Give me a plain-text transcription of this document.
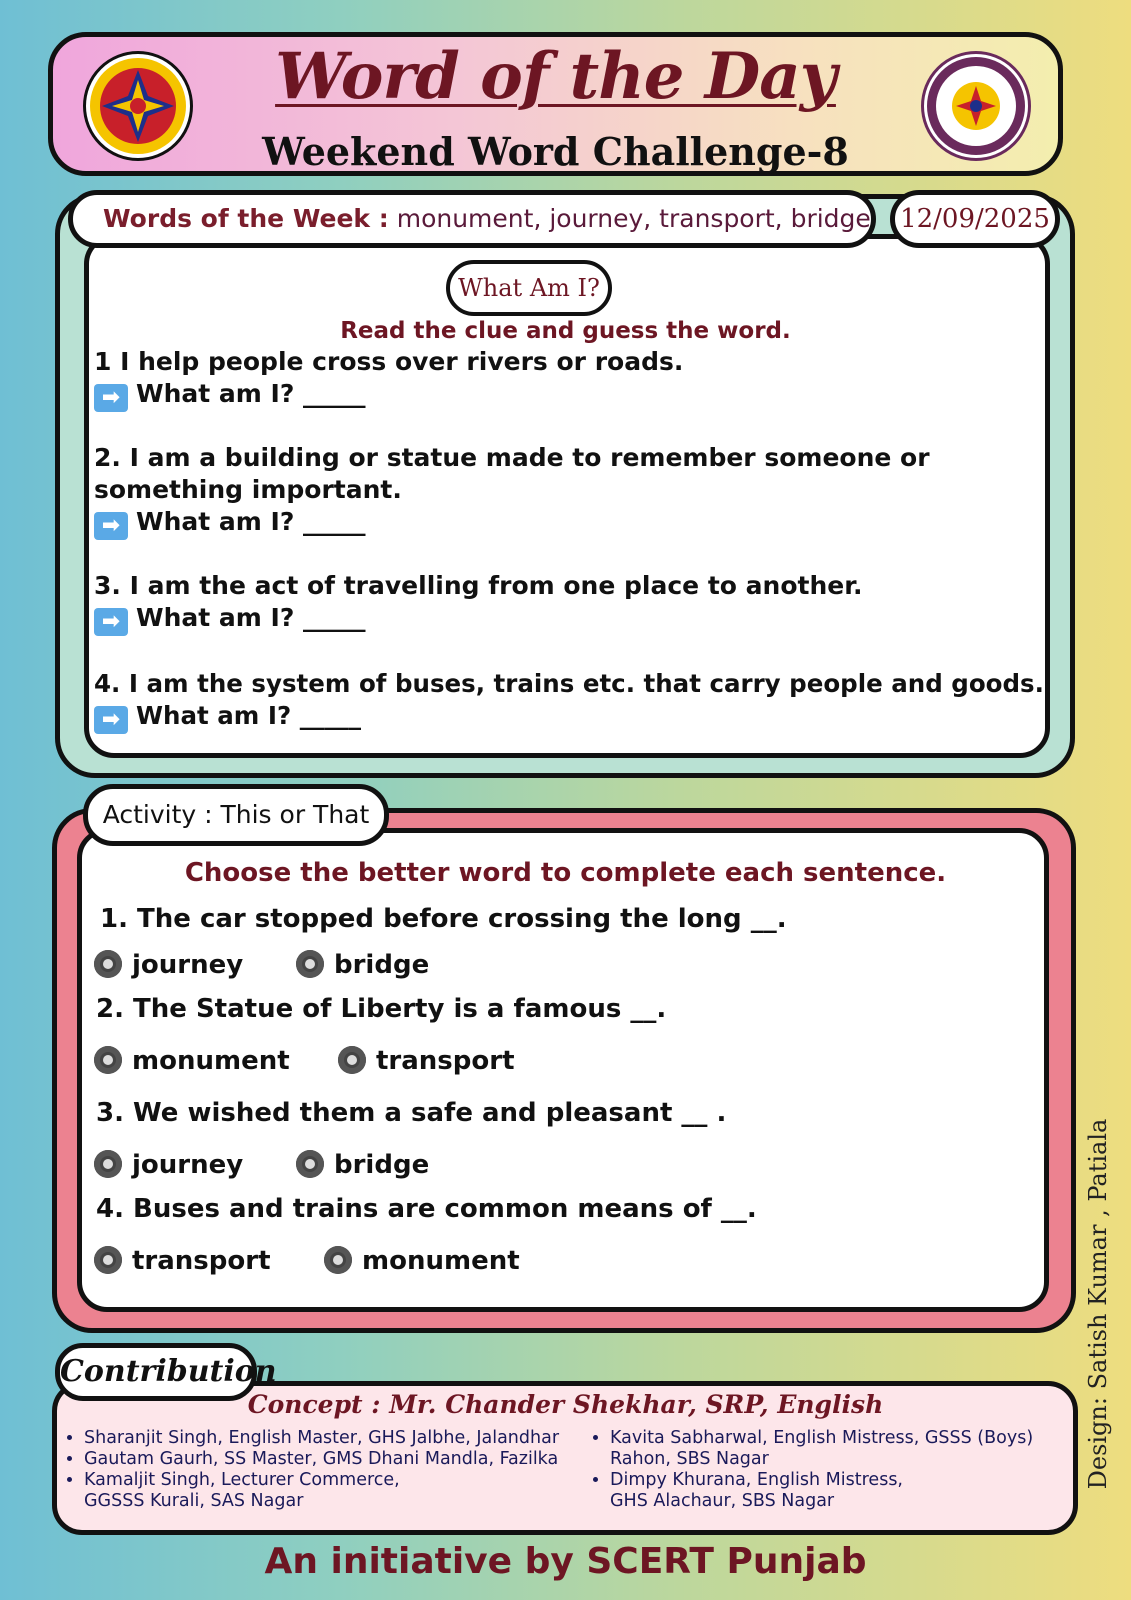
Word of the Day
Weekend Word Challenge-8
Words of the Week : monument, journey, transport, bridge	12/09/2025
What Am I?
Read the clue and guess the word.
1 I help people cross over rivers or roads.
➡ What am I? _____
2. I am a building or statue made to remember someone or something important.
➡ What am I? _____
3. I am the act of travelling from one place to another.
➡ What am I? _____
4. I am the system of buses, trains etc. that carry people and goods.
➡ What am I? _____
Activity : This or That
Choose the better word to complete each sentence.
1. The car stopped before crossing the long __.
journey	bridge
2. The Statue of Liberty is a famous __.
monument	transport
3. We wished them a safe and pleasant __ .
journey	bridge
4. Buses and trains are common means of __.
transport	monument
Contribution
Concept : Mr. Chander Shekhar, SRP, English
• Sharanjit Singh, English Master, GHS Jalbhe, Jalandhar
• Gautam Gaurh, SS Master, GMS Dhani Mandla, Fazilka
• Kamaljit Singh, Lecturer Commerce, GGSSS Kurali, SAS Nagar
• Kavita Sabharwal, English Mistress, GSSS (Boys) Rahon, SBS Nagar
• Dimpy Khurana, English Mistress, GHS Alachaur, SBS Nagar
An initiative by SCERT Punjab
Design: Satish Kumar , Patiala
